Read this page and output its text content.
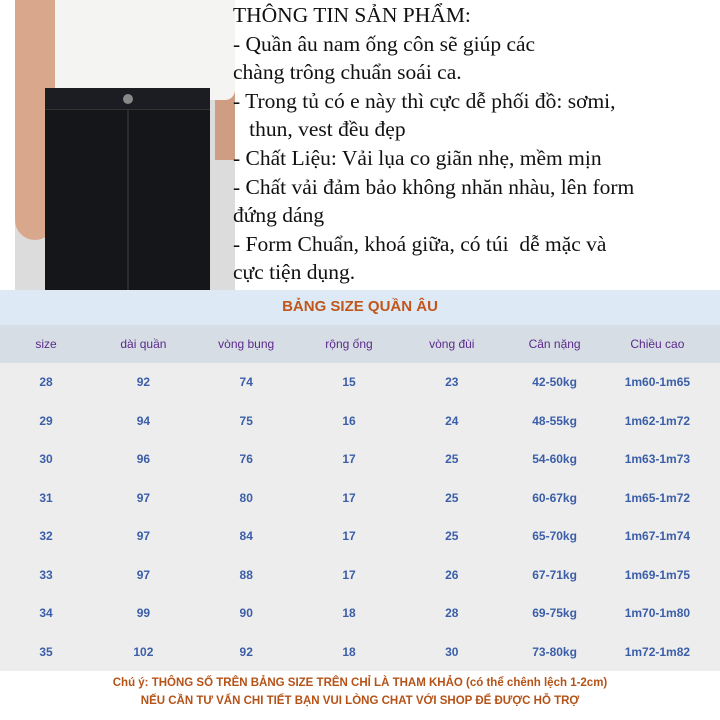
THÔNG TIN SẢN PHẨM:
- Quần âu nam ống côn sẽ giúp các
chàng trông chuẩn soái ca.
- Trong tủ có e này thì cực dễ phối đồ: sơmi,
thun, vest đều đẹp
- Chất Liệu: Vải lụa co giãn nhẹ, mềm mịn
- Chất vải đảm bảo không nhăn nhàu, lên form
đứng dáng
- Form Chuẩn, khoá giữa, có túi  dễ mặc và
cực tiện dụng.
BẢNG SIZE QUẦN ÂU
size	dài quần	vòng bụng	rộng ống	vòng đùi	Cân nặng	Chiều cao
28	92	74	15	23	42-50kg	1m60-1m65
29	94	75	16	24	48-55kg	1m62-1m72
30	96	76	17	25	54-60kg	1m63-1m73
31	97	80	17	25	60-67kg	1m65-1m72
32	97	84	17	25	65-70kg	1m67-1m74
33	97	88	17	26	67-71kg	1m69-1m75
34	99	90	18	28	69-75kg	1m70-1m80
35	102	92	18	30	73-80kg	1m72-1m82
Chú ý: THÔNG SỐ TRÊN BẢNG SIZE TRÊN CHỈ LÀ THAM KHẢO (có thể chênh lệch 1-2cm)
NẾU CẦN TƯ VẤN CHI TIẾT BẠN VUI LÒNG CHAT VỚI SHOP ĐỂ ĐƯỢC HỖ TRỢ
